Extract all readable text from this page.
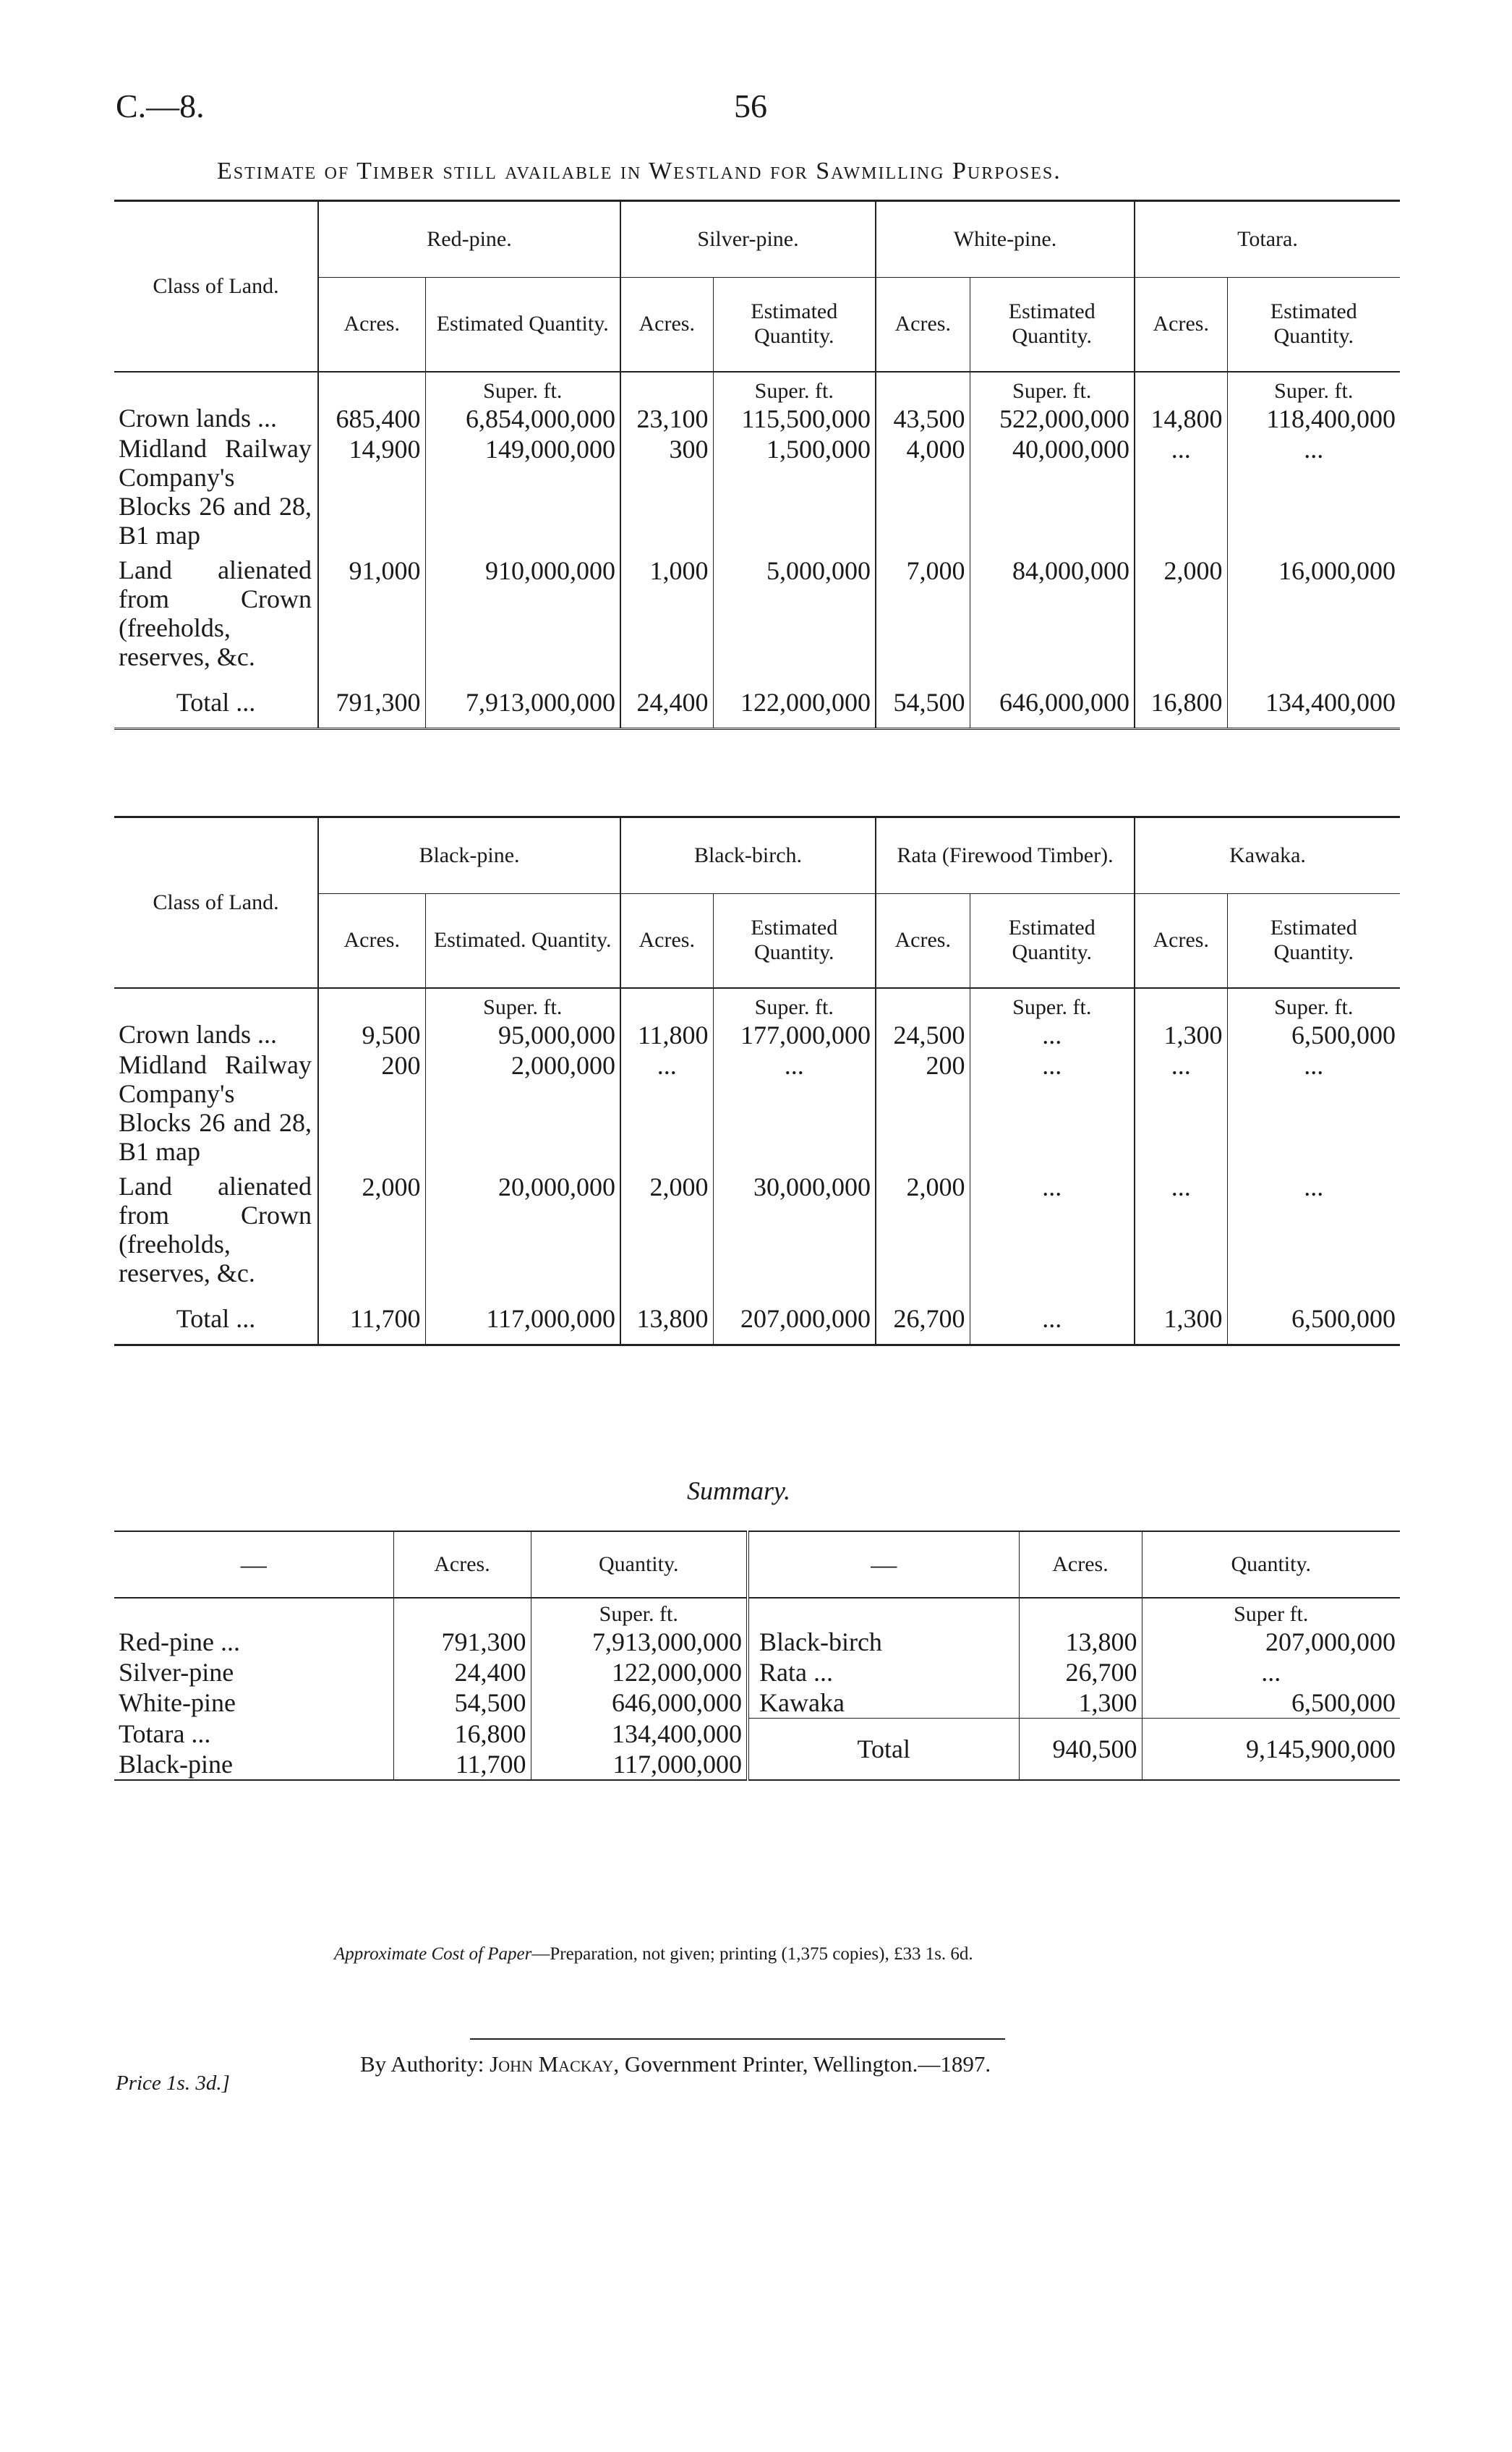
C.—8.	56
Estimate of Timber still available in Westland for Sawmilling Purposes.
Class of Land.	Red-pine.		Silver-pine.		White-pine.		Totara.	
	Acres.	Estimated Quantity.	Acres.	Estimated Quantity.	Acres.	Estimated Quantity.	Acres.	Estimated Quantity.
		Super. ft.		Super. ft.		Super. ft.		Super. ft.
Crown lands ...	685,400	6,854,000,000	23,100	115,500,000	43,500	522,000,000	14,800	118,400,000
Midland Railway Company's Blocks 26 and 28, B1 map	14,900	149,000,000	300	1,500,000	4,000	40,000,000	...	...
Land alienated from Crown (freeholds, reserves, &c.	91,000	910,000,000	1,000	5,000,000	7,000	84,000,000	2,000	16,000,000
Total ...	791,300	7,913,000,000	24,400	122,000,000	54,500	646,000,000	16,800	134,400,000
Class of Land.	Black-pine.		Black-birch.		Rata (Firewood Timber).		Kawaka.	
	Acres.	Estimated. Quantity.	Acres.	Estimated Quantity.	Acres.	Estimated Quantity.	Acres.	Estimated Quantity.
		Super. ft.		Super. ft.		Super. ft.		Super. ft.
Crown lands ...	9,500	95,000,000	11,800	177,000,000	24,500	...	1,300	6,500,000
Midland Railway Company's Blocks 26 and 28, B1 map	200	2,000,000	...	...	200	...	...	...
Land alienated from Crown (freeholds, reserves, &c.	2,000	20,000,000	2,000	30,000,000	2,000	...	...	...
Total ...	11,700	117,000,000	13,800	207,000,000	26,700	...	1,300	6,500,000
Summary.
—	Acres.	Quantity.	—	Acres.	Quantity.
		Super. ft.			Super ft.
Red-pine ...	791,300	7,913,000,000	Black-birch	13,800	207,000,000
Silver-pine	24,400	122,000,000	Rata ...	26,700	...
White-pine	54,500	646,000,000	Kawaka	1,300	6,500,000
Totara ...	16,800	134,400,000	Total	940,500	9,145,900,000
Black-pine	11,700	117,000,000			
Approximate Cost of Paper—Preparation, not given; printing (1,375 copies), £33 1s. 6d.
By Authority: John Mackay, Government Printer, Wellington.—1897.
Price 1s. 3d.]
